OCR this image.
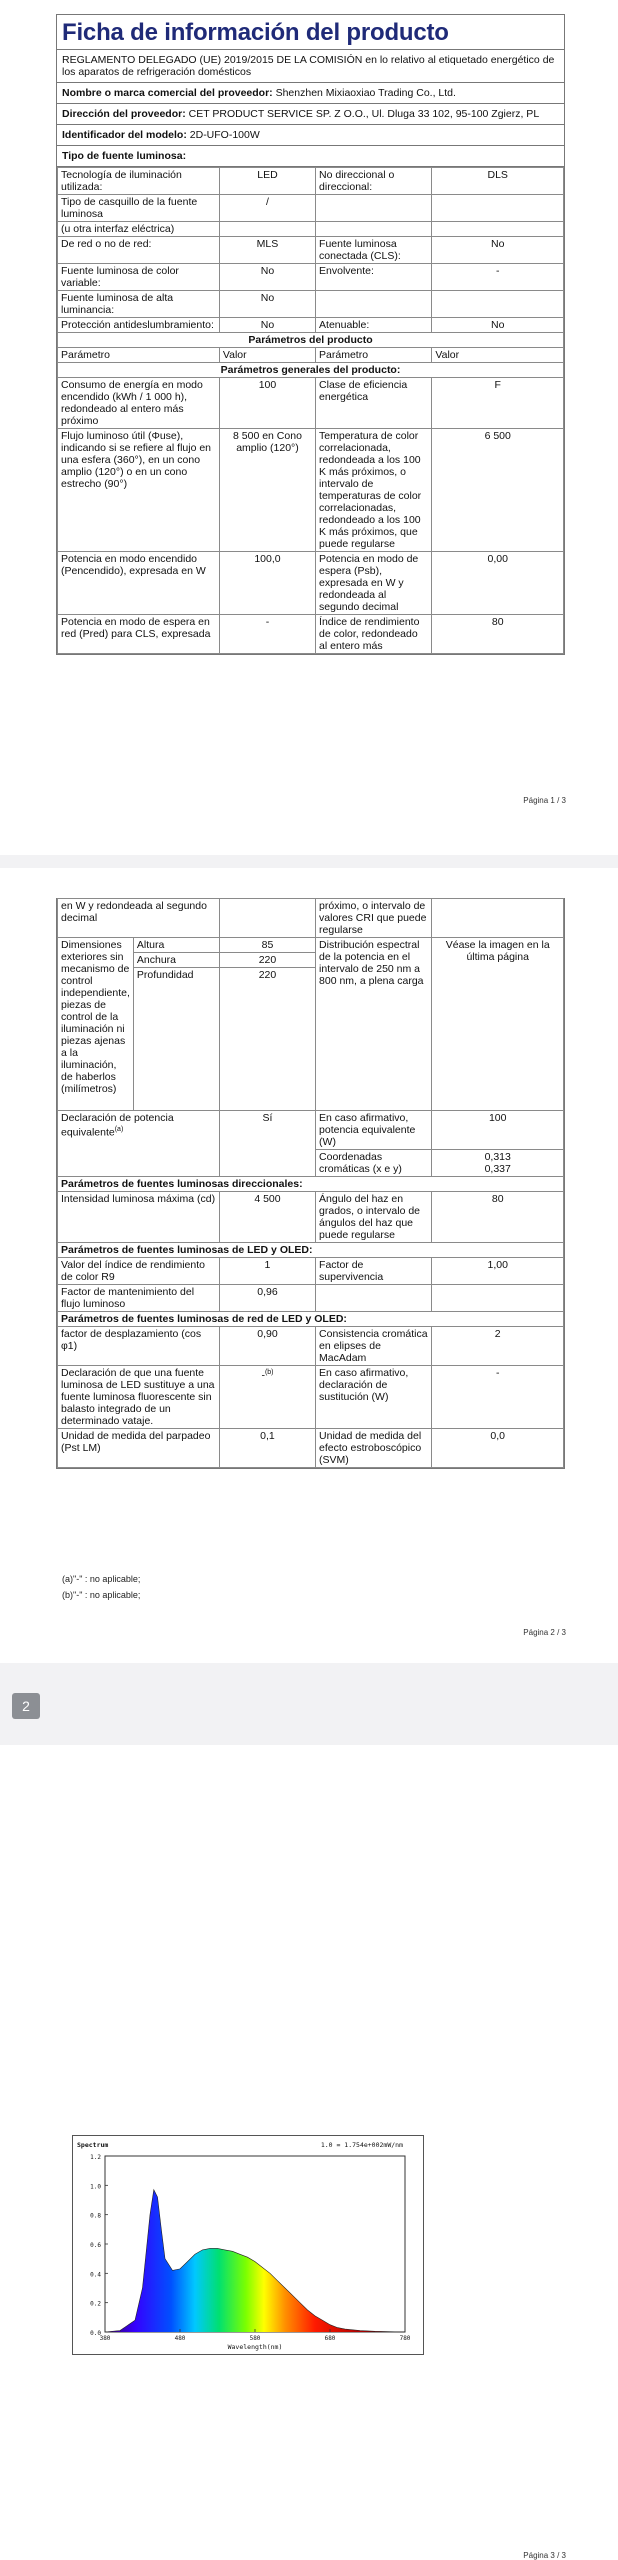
Ficha de información del producto
REGLAMENTO DELEGADO (UE) 2019/2015 DE LA COMISIÓN en lo relativo al etiquetado energético de los aparatos de refrigeración domésticos
Nombre o marca comercial del proveedor: Shenzhen Mixiaoxiao Trading Co., Ltd.
Dirección del proveedor: CET PRODUCT SERVICE SP. Z O.O., Ul. Dluga 33 102, 95-100 Zgierz, PL
Identificador del modelo: 2D-UFO-100W
Tipo de fuente luminosa:
Tecnología de iluminación utilizada:	LED	No direccional o direccional:	DLS
Tipo de casquillo de la fuente luminosa	/		
(u otra interfaz eléctrica)			
De red o no de red:	MLS	Fuente luminosa conectada (CLS):	No
Fuente luminosa de color variable:	No	Envolvente:	-
Fuente luminosa de alta luminancia:	No		
Protección antideslumbramiento:	No	Atenuable:	No
Parámetros del producto			
Parámetro	Valor	Parámetro	Valor
Parámetros generales del producto:			
Consumo de energía en modo encendido (kWh / 1 000 h), redondeado al entero más próximo	100	Clase de eficiencia energética	F
Flujo luminoso útil (Φuse), indicando si se refiere al flujo en una esfera (360°), en un cono amplio (120°) o en un cono estrecho (90°)	8 500 en Cono amplio (120°)	Temperatura de color correlacionada, redondeada a los 100 K más próximos, o intervalo de temperaturas de color correlacionadas, redondeado a los 100 K más próximos, que puede regularse	6 500
Potencia en modo encendido (Pencendido), expresada en W	100,0	Potencia en modo de espera (Psb), expresada en W y redondeada al segundo decimal	0,00
Potencia en modo de espera en red (Pred) para CLS, expresada	-	Índice de rendimiento de color, redondeado al entero más	80
Página 1 / 3
en W y redondeada al segundo decimal			próximo, o intervalo de valores CRI que puede regularse	
Dimensiones exteriores sin mecanismo de control independiente, piezas de control de la iluminación ni piezas ajenas a la iluminación, de haberlos (milímetros)	Altura	85	Distribución espectral de la potencia en el intervalo de 250 nm a 800 nm, a plena carga	Véase la imagen en la última página
	Anchura	220		
	Profundidad	220		
Declaración de potencia equivalente$^{(a)}$		Sí	En caso afirmativo, potencia equivalente (W)	100
			Coordenadas cromáticas (x e y)	0,313
0,337
Parámetros de fuentes luminosas direccionales:				
Intensidad luminosa máxima (cd)		4 500	Ángulo del haz en grados, o intervalo de ángulos del haz que puede regularse	80
Parámetros de fuentes luminosas de LED y OLED:				
Valor del índice de rendimiento de color R9		1	Factor de supervivencia	1,00
Factor de mantenimiento del flujo luminoso		0,96		
Parámetros de fuentes luminosas de red de LED y OLED:				
factor de desplazamiento (cos φ1)		0,90	Consistencia cromática en elipses de MacAdam	2
Declaración de que una fuente luminosa de LED sustituye a una fuente luminosa fluorescente sin balasto integrado de un determinado vataje.		-$^{(b)}$	En caso afirmativo, declaración de sustitución (W)	-
Unidad de medida del parpadeo (Pst LM)		0,1	Unidad de medida del efecto estroboscópico (SVM)	0,0
(a)"-" : no aplicable;
(b)"-" : no aplicable;
Página 2 / 3
2
Página 3 / 3
0.0
0.2
0.4
0.6
0.8
1.0
1.2
380	480	580	680	780
Spectrum	1.0 = 1.754e+002mW/nm
Wavelength(nm)
